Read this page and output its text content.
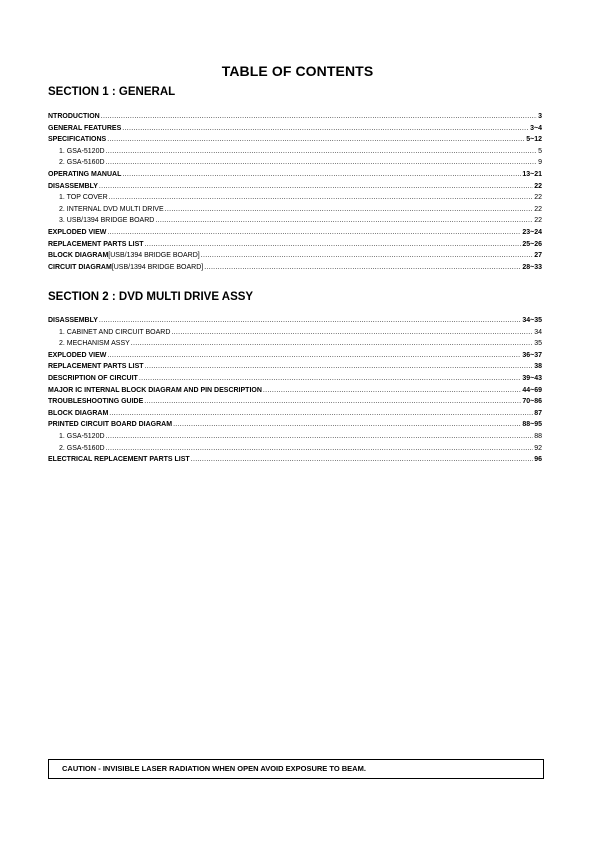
TABLE OF CONTENTS
SECTION 1 : GENERAL
NTRODUCTION .....	3
GENERAL FEATURES .....	3~4
SPECIFICATIONS .....	5~12
1. GSA-5120D .....	5
2. GSA-5160D .....	9
OPERATING MANUAL .....	13~21
DISASSEMBLY .....	22
1. TOP COVER .....	22
2. INTERNAL DVD MULTI DRIVE .....	22
3. USB/1394 BRIDGE BOARD .....	22
EXPLODED VIEW .....	23~24
REPLACEMENT PARTS LIST .....	25~26
BLOCK DIAGRAM [USB/1394 BRIDGE BOARD] .....	27
CIRCUIT DIAGRAM [USB/1394 BRIDGE BOARD] .....	28~33
SECTION 2 : DVD MULTI DRIVE ASSY
DISASSEMBLY .....	34~35
1. CABINET AND CIRCUIT BOARD .....	34
2. MECHANISM ASSY .....	35
EXPLODED VIEW .....	36~37
REPLACEMENT PARTS LIST .....	38
DESCRIPTION OF CIRCUIT .....	39~43
MAJOR IC INTERNAL BLOCK DIAGRAM AND PIN DESCRIPTION .....	44~69
TROUBLESHOOTING GUIDE .....	70~86
BLOCK DIAGRAM .....	87
PRINTED CIRCUIT BOARD DIAGRAM .....	88~95
1. GSA-5120D .....	88
2. GSA-5160D .....	92
ELECTRICAL REPLACEMENT PARTS LIST .....	96
CAUTION - INVISIBLE LASER RADIATION WHEN OPEN AVOID EXPOSURE TO BEAM.
